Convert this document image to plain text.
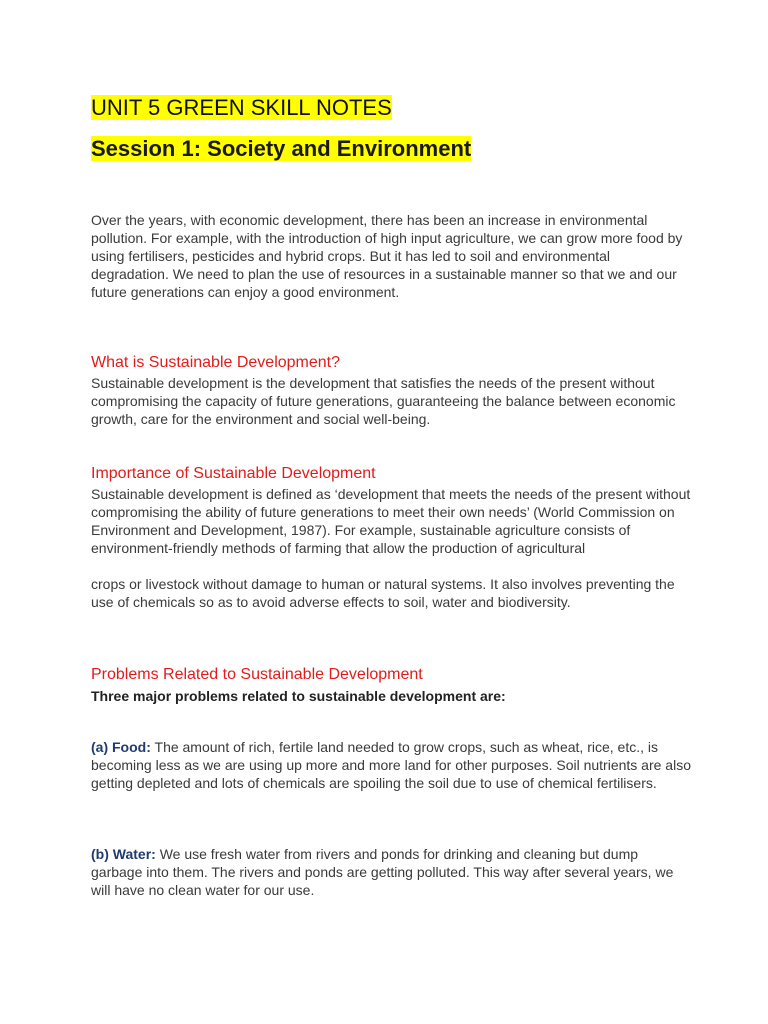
UNIT 5 GREEN SKILL NOTES
Session 1: Society and Environment

Over the years, with economic development, there has been an increase in environmental pollution. For example, with the introduction of high input agriculture, we can grow more food by using fertilisers, pesticides and hybrid crops. But it has led to soil and environmental degradation. We need to plan the use of resources in a sustainable manner so that we and our future generations can enjoy a good environment.

What is Sustainable Development?

Sustainable development is the development that satisfies the needs of the present without compromising the capacity of future generations, guaranteeing the balance between economic growth, care for the environment and social well-being.

Importance of Sustainable Development

Sustainable development is defined as ‘development that meets the needs of the present without compromising the ability of future generations to meet their own needs’ (World Commission on Environment and Development, 1987). For example, sustainable agriculture consists of environment-friendly methods of farming that allow the production of agricultural

crops or livestock without damage to human or natural systems. It also involves preventing the use of chemicals so as to avoid adverse effects to soil, water and biodiversity.

Problems Related to Sustainable Development

Three major problems related to sustainable development are:

(a) Food: The amount of rich, fertile land needed to grow crops, such as wheat, rice, etc., is becoming less as we are using up more and more land for other purposes. Soil nutrients are also getting depleted and lots of chemicals are spoiling the soil due to use of chemical fertilisers.

(b) Water: We use fresh water from rivers and ponds for drinking and cleaning but dump garbage into them. The rivers and ponds are getting polluted. This way after several years, we will have no clean water for our use.
